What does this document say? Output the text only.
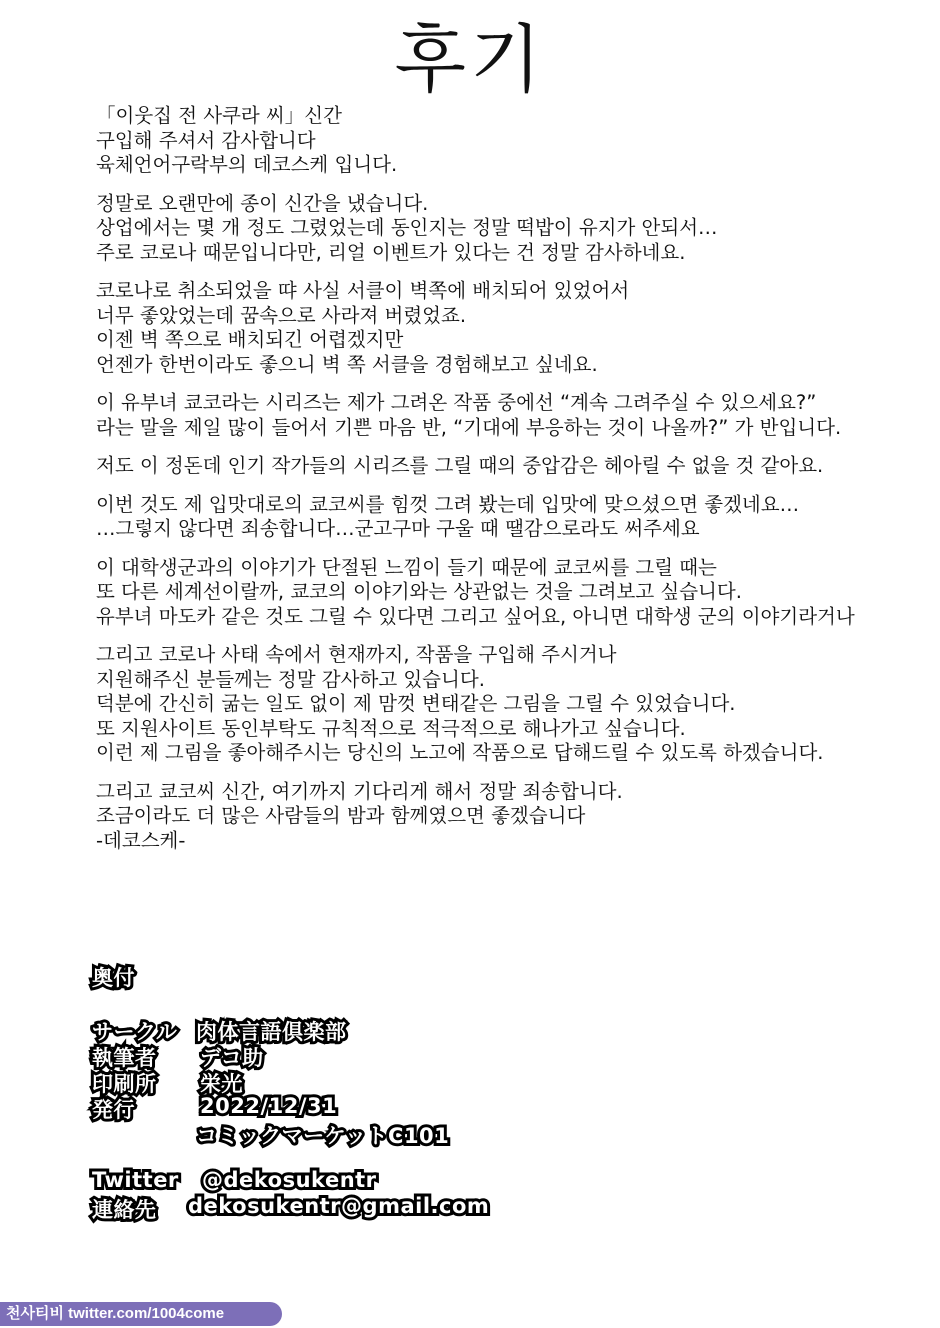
후기
「이웃집 전 사쿠라 씨」신간
구입해 주셔서 감사합니다
육체언어구락부의 데코스케 입니다.
정말로 오랜만에 종이 신간을 냈습니다.
상업에서는 몇 개 정도 그렸었는데 동인지는 정말 떡밥이 유지가 안되서…
주로 코로나 때문입니다만, 리얼 이벤트가 있다는 건 정말 감사하네요.
코로나로 취소되었을 땨 사실 서클이 벽쪽에 배치되어 있었어서
너무 좋았었는데 꿈속으로 사라져 버렸었죠.
이젠 벽 쪽으로 배치되긴 어렵겠지만
언젠가 한번이라도 좋으니 벽 쪽 서클을 경험해보고 싶네요.
이 유부녀 쿄코라는 시리즈는 제가 그려온 작품 중에선 “계속 그려주실 수 있으세요?”
라는 말을 제일 많이 들어서 기쁜 마음 반, “기대에 부응하는 것이 나올까?” 가 반입니다.
저도 이 정돈데 인기 작가들의 시리즈를 그릴 때의 중압감은 헤아릴 수 없을 것 같아요.
이번 것도 제 입맛대로의 쿄코씨를 힘껏 그려 봤는데 입맛에 맞으셨으면 좋겠네요…
…그렇지 않다면 죄송합니다…군고구마 구울 때 땔감으로라도 써주세요
이 대학생군과의 이야기가 단절된 느낌이 들기 때문에 쿄코씨를 그릴 때는
또 다른 세계선이랄까, 쿄코의 이야기와는 상관없는 것을 그려보고 싶습니다.
유부녀 마도카 같은 것도 그릴 수 있다면 그리고 싶어요, 아니면 대학생 군의 이야기라거나
그리고 코로나 사태 속에서 현재까지, 작품을 구입해 주시거나
지원해주신 분들께는 정말 감사하고 있습니다.
덕분에 간신히 굶는 일도 없이 제 맘껏 변태같은 그림을 그릴 수 있었습니다.
또 지원사이트 동인부탁도 규칙적으로 적극적으로 해나가고 싶습니다.
이런 제 그림을 좋아해주시는 당신의 노고에 작품으로 답해드릴 수 있도록 하겠습니다.
그리고 쿄코씨 신간, 여기까지 기다리게 해서 정말 죄송합니다.
조금이라도 더 많은 사람들의 밤과 함께였으면 좋겠습니다
-데코스케-
奥付
サークル 肉体言語倶楽部
執筆者 デコ助
印刷所 栄光
発行	2022/12/31
コミックマーケットC101
Twitter @dekosukentr
連絡先 dekosukentr@gmail.com
천사티비 twitter.com/1004come
